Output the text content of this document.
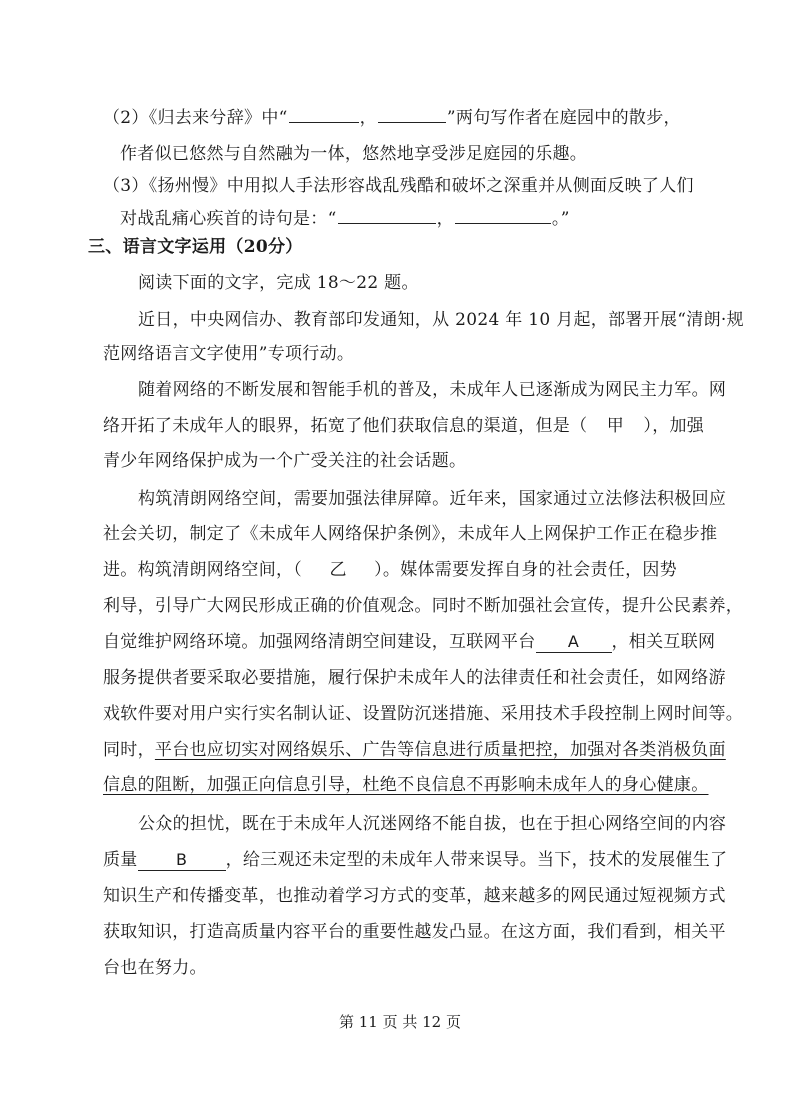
（2）《归去来兮辞》中“	，	”两句写作者在庭园中的散步，
作者似已悠然与自然融为一体，悠然地享受涉足庭园的乐趣。
（3）《扬州慢》中用拟人手法形容战乱残酷和破坏之深重并从侧面反映了人们
对战乱痛心疾首的诗句是：“	，	。”
三、语言文字运用（20分）
阅读下面的文字，完成 18～22 题。
近日，中央网信办、教育部印发通知，从 2024 年 10 月起，部署开展“清朗·规
范网络语言文字使用”专项行动。
随着网络的不断发展和智能手机的普及，未成年人已逐渐成为网民主力军。网
络开拓了未成年人的眼界，拓宽了他们获取信息的渠道，但是（ 甲 ），加强
青少年网络保护成为一个广受关注的社会话题。
构筑清朗网络空间，需要加强法律屏障。近年来，国家通过立法修法积极回应
社会关切，制定了《未成年人网络保护条例》，未成年人上网保护工作正在稳步推
进。构筑清朗网络空间，（ 乙 ）。媒体需要发挥自身的社会责任，因势
利导，引导广大网民形成正确的价值观念。同时不断加强社会宣传，提升公民素养，
自觉维护网络环境。加强网络清朗空间建设，互联网平台 A ，相关互联网
服务提供者要采取必要措施，履行保护未成年人的法律责任和社会责任，如网络游
戏软件要对用户实行实名制认证、设置防沉迷措施、采用技术手段控制上网时间等。
同时，平台也应切实对网络娱乐、广告等信息进行质量把控，加强对各类消极负面
信息的阻断，加强正向信息引导，杜绝不良信息不再影响未成年人的身心健康。
公众的担忧，既在于未成年人沉迷网络不能自拔，也在于担心网络空间的内容
质量 B ，给三观还未定型的未成年人带来误导。当下，技术的发展催生了
知识生产和传播变革，也推动着学习方式的变革，越来越多的网民通过短视频方式
获取知识，打造高质量内容平台的重要性越发凸显。在这方面，我们看到，相关平
台也在努力。
第 11 页 共 12 页
